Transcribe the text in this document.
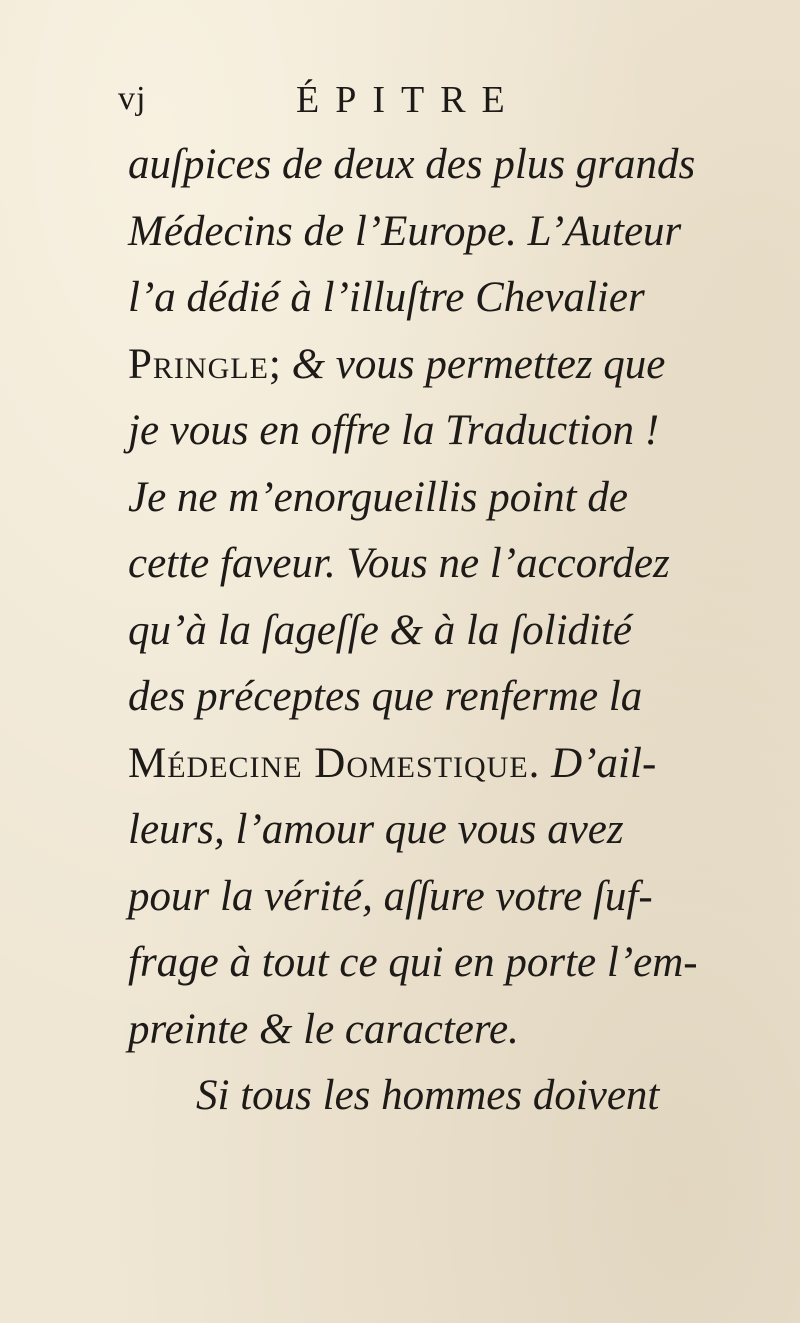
vj	ÉPITRE
auſpices de deux des plus grands
Médecins de l’Europe. L’Auteur
l’a dédié à l’illuſtre Chevalier
Pringle; & vous permettez que
je vous en offre la Traduction !
Je ne m’enorgueillis point de
cette faveur. Vous ne l’accordez
qu’à la ſageſſe & à la ſolidité
des préceptes que renferme la
Médecine Domestique. D’ail-
leurs, l’amour que vous avez
pour la vérité, aſſure votre ſuf-
frage à tout ce qui en porte l’em-
preinte & le caractere.
Si tous les hommes doivent
